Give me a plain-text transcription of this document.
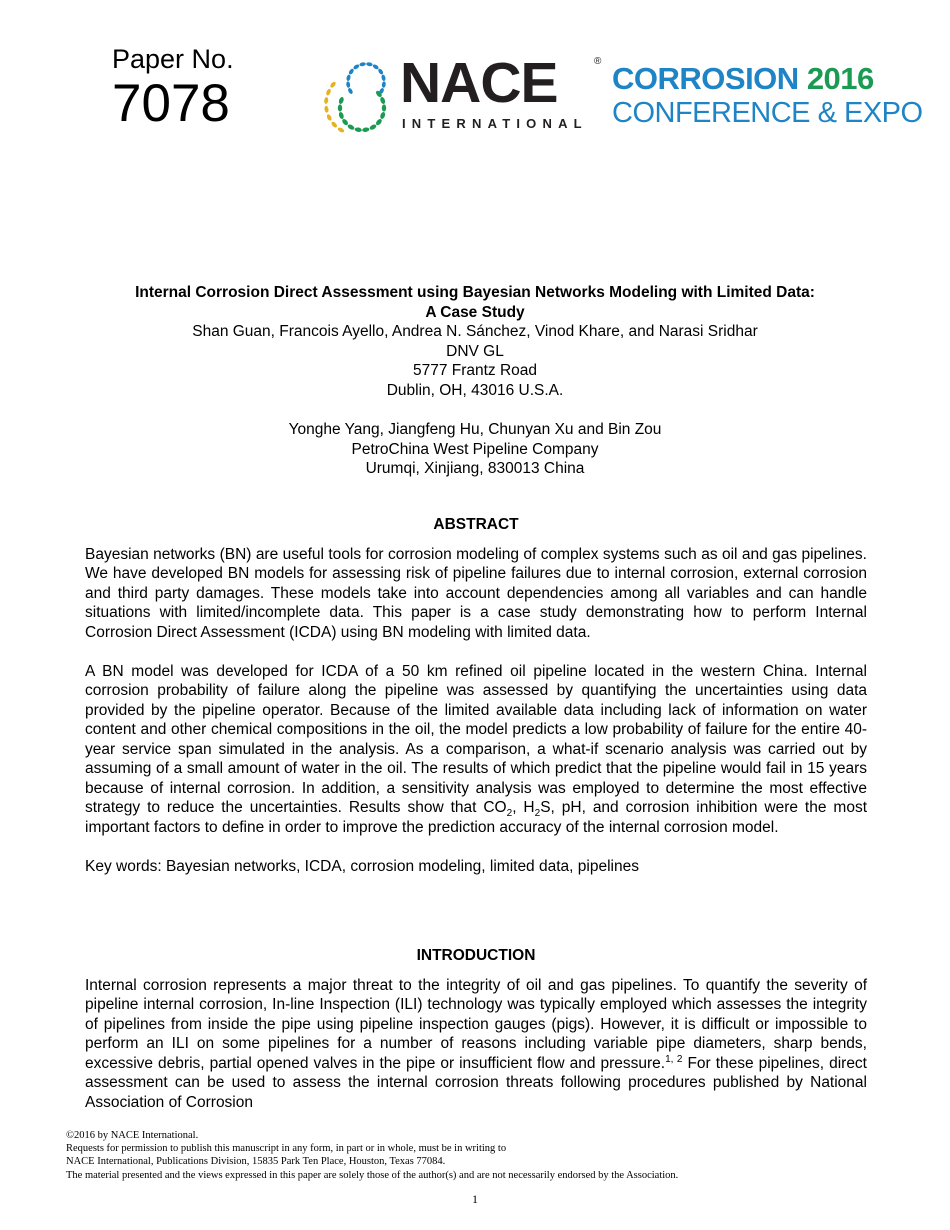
Paper No.
7078	NACE	®
INTERNATIONAL
CORROSION 2016
CONFERENCE & EXPO
Internal Corrosion Direct Assessment using Bayesian Networks Modeling with Limited Data:
A Case Study
Shan Guan, Francois Ayello, Andrea N. Sánchez, Vinod Khare, and Narasi Sridhar
DNV GL
5777 Frantz Road
Dublin, OH, 43016 U.S.A.
Yonghe Yang, Jiangfeng Hu, Chunyan Xu and Bin Zou
PetroChina West Pipeline Company
Urumqi, Xinjiang, 830013 China
ABSTRACT

Bayesian networks (BN) are useful tools for corrosion modeling of complex systems such as oil and gas pipelines. We have developed BN models for assessing risk of pipeline failures due to internal corrosion, external corrosion and third party damages. These models take into account dependencies among all variables and can handle situations with limited/incomplete data. This paper is a case study demonstrating how to perform Internal Corrosion Direct Assessment (ICDA) using BN modeling with limited data.

A BN model was developed for ICDA of a 50 km refined oil pipeline located in the western China. Internal corrosion probability of failure along the pipeline was assessed by quantifying the uncertainties using data provided by the pipeline operator. Because of the limited available data including lack of information on water content and other chemical compositions in the oil, the model predicts a low probability of failure for the entire 40-year service span simulated in the analysis. As a comparison, a what-if scenario analysis was carried out by assuming of a small amount of water in the oil. The results of which predict that the pipeline would fail in 15 years because of internal corrosion. In addition, a sensitivity analysis was employed to determine the most effective strategy to reduce the uncertainties. Results show that $CO_2$, $H_2S$, pH, and corrosion inhibition were the most important factors to define in order to improve the prediction accuracy of the internal corrosion model.

Key words: Bayesian networks, ICDA, corrosion modeling, limited data, pipelines

INTRODUCTION

Internal corrosion represents a major threat to the integrity of oil and gas pipelines. To quantify the severity of pipeline internal corrosion, In-line Inspection (ILI) technology was typically employed which assesses the integrity of pipelines from inside the pipe using pipeline inspection gauges (pigs). However, it is difficult or impossible to perform an ILI on some pipelines for a number of reasons including variable pipe diameters, sharp bends, excessive debris, partial opened valves in the pipe or insufficient flow and pressure.$^{1, 2}$ For these pipelines, direct assessment can be used to assess the internal corrosion threats following procedures published by National Association of Corrosion

©2016 by NACE International.
Requests for permission to publish this manuscript in any form, in part or in whole, must be in writing to
NACE International, Publications Division, 15835 Park Ten Place, Houston, Texas 77084.
The material presented and the views expressed in this paper are solely those of the author(s) and are not necessarily endorsed by the Association.
1
